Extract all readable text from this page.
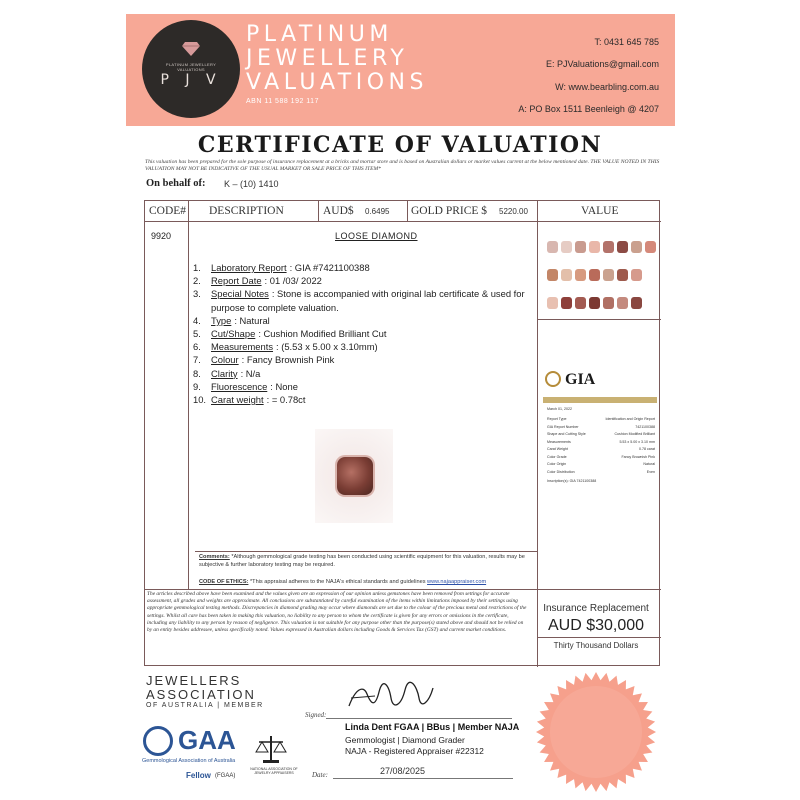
PLATINUM JEWELLERY VALUATIONS
P J V
PLATINUM
JEWELLERY
VALUATIONS
ABN 11 588 192 117
T: 0431 645 785
E: PJValuations@gmail.com
W: www.bearbling.com.au
A: PO Box 1511 Beenleigh @ 4207
CERTIFICATE OF VALUATION
This valuation has been prepared for the sole purpose of insurance replacement at a bricks and mortar store and is based on Australian dollars or market values current at the below mentioned date. THE VALUE NOTED IN THIS VALUATION MAY NOT BE INDICATIVE OF THE USUAL MARKET OR SALE PRICE OF THIS ITEM*
On behalf of: K – (10) 1410
CODE# DESCRIPTION	AUD$ 0.6495 GOLD PRICE $ 5220.00	VALUE
9920	LOOSE DIAMOND
1.	Laboratory Report : GIA #7421100388
2.	Report Date : 01 /03/ 2022
3.	Special Notes : Stone is accompanied with original lab certificate & used for purpose to complete valuation.
4.	Type : Natural
5.	Cut/Shape : Cushion Modified Brilliant Cut
6.	Measurements : (5.53 x 5.00 x 3.10mm)
7.	Colour : Fancy Brownish Pink
8.	Clarity : N/a
9.	Fluorescence : None
10. Carat weight : = 0.78ct
Comments: *Although gemmological grade testing has been conducted using scientific equipment for this valuation, results may be subjective & further laboratory testing may be required.
CODE OF ETHICS: *This appraisal adheres to the NAJA's ethical standards and guidelines www.najaappraiser.com
GIA
March 01, 2022
Report Type	Identification and Origin Report
GIA Report Number	7421100388
Shape and Cutting Style	Cushion Modified Brilliant
Measurements	5.53 x 5.00 x 3.10 mm
Carat Weight	0.78 carat
Color Grade	Fancy Brownish Pink
Color Origin	Natural
Color Distribution	Even
Inscription(s): GIA 7421100388
The articles described above have been examined and the values given are an expression of our opinion unless gemstones have been removed from settings for accurate assessment, all grades and weights are approximate. All conclusions are substantiated by careful examination of the items within limitations imposed by their settings using appropriate gemmological testing methods. Discrepancies in diamond grading may occur where diamonds are set due to the colour of the precious metal and restrictions of the settings. Whilst all care has been taken in making this valuation, no liability to any person to whom the certificate is given for any errors or omissions in the certificate, including any liability to any person by reason of negligence. This valuation is not suitable for any purpose other than the purpose(s) stated above and should not be relied on by an entity besides addressee, unless specifically noted. Values expressed in Australian dollars including Goods & Services Tax (GST) and current market conditions.
Insurance Replacement
AUD $30,000
Thirty Thousand Dollars
JEWELLERS
ASSOCIATION
OF AUSTRALIA | MEMBER
GAA
Gemmological Association of Australia
Fellow (FGAA)
NATIONAL ASSOCIATION OF JEWELRY APPRAISERS
Signed:
Linda Dent FGAA | BBus | Member NAJA
Gemmologist | Diamond Grader
NAJA - Registered Appraiser #22312
Date:	27/08/2025
